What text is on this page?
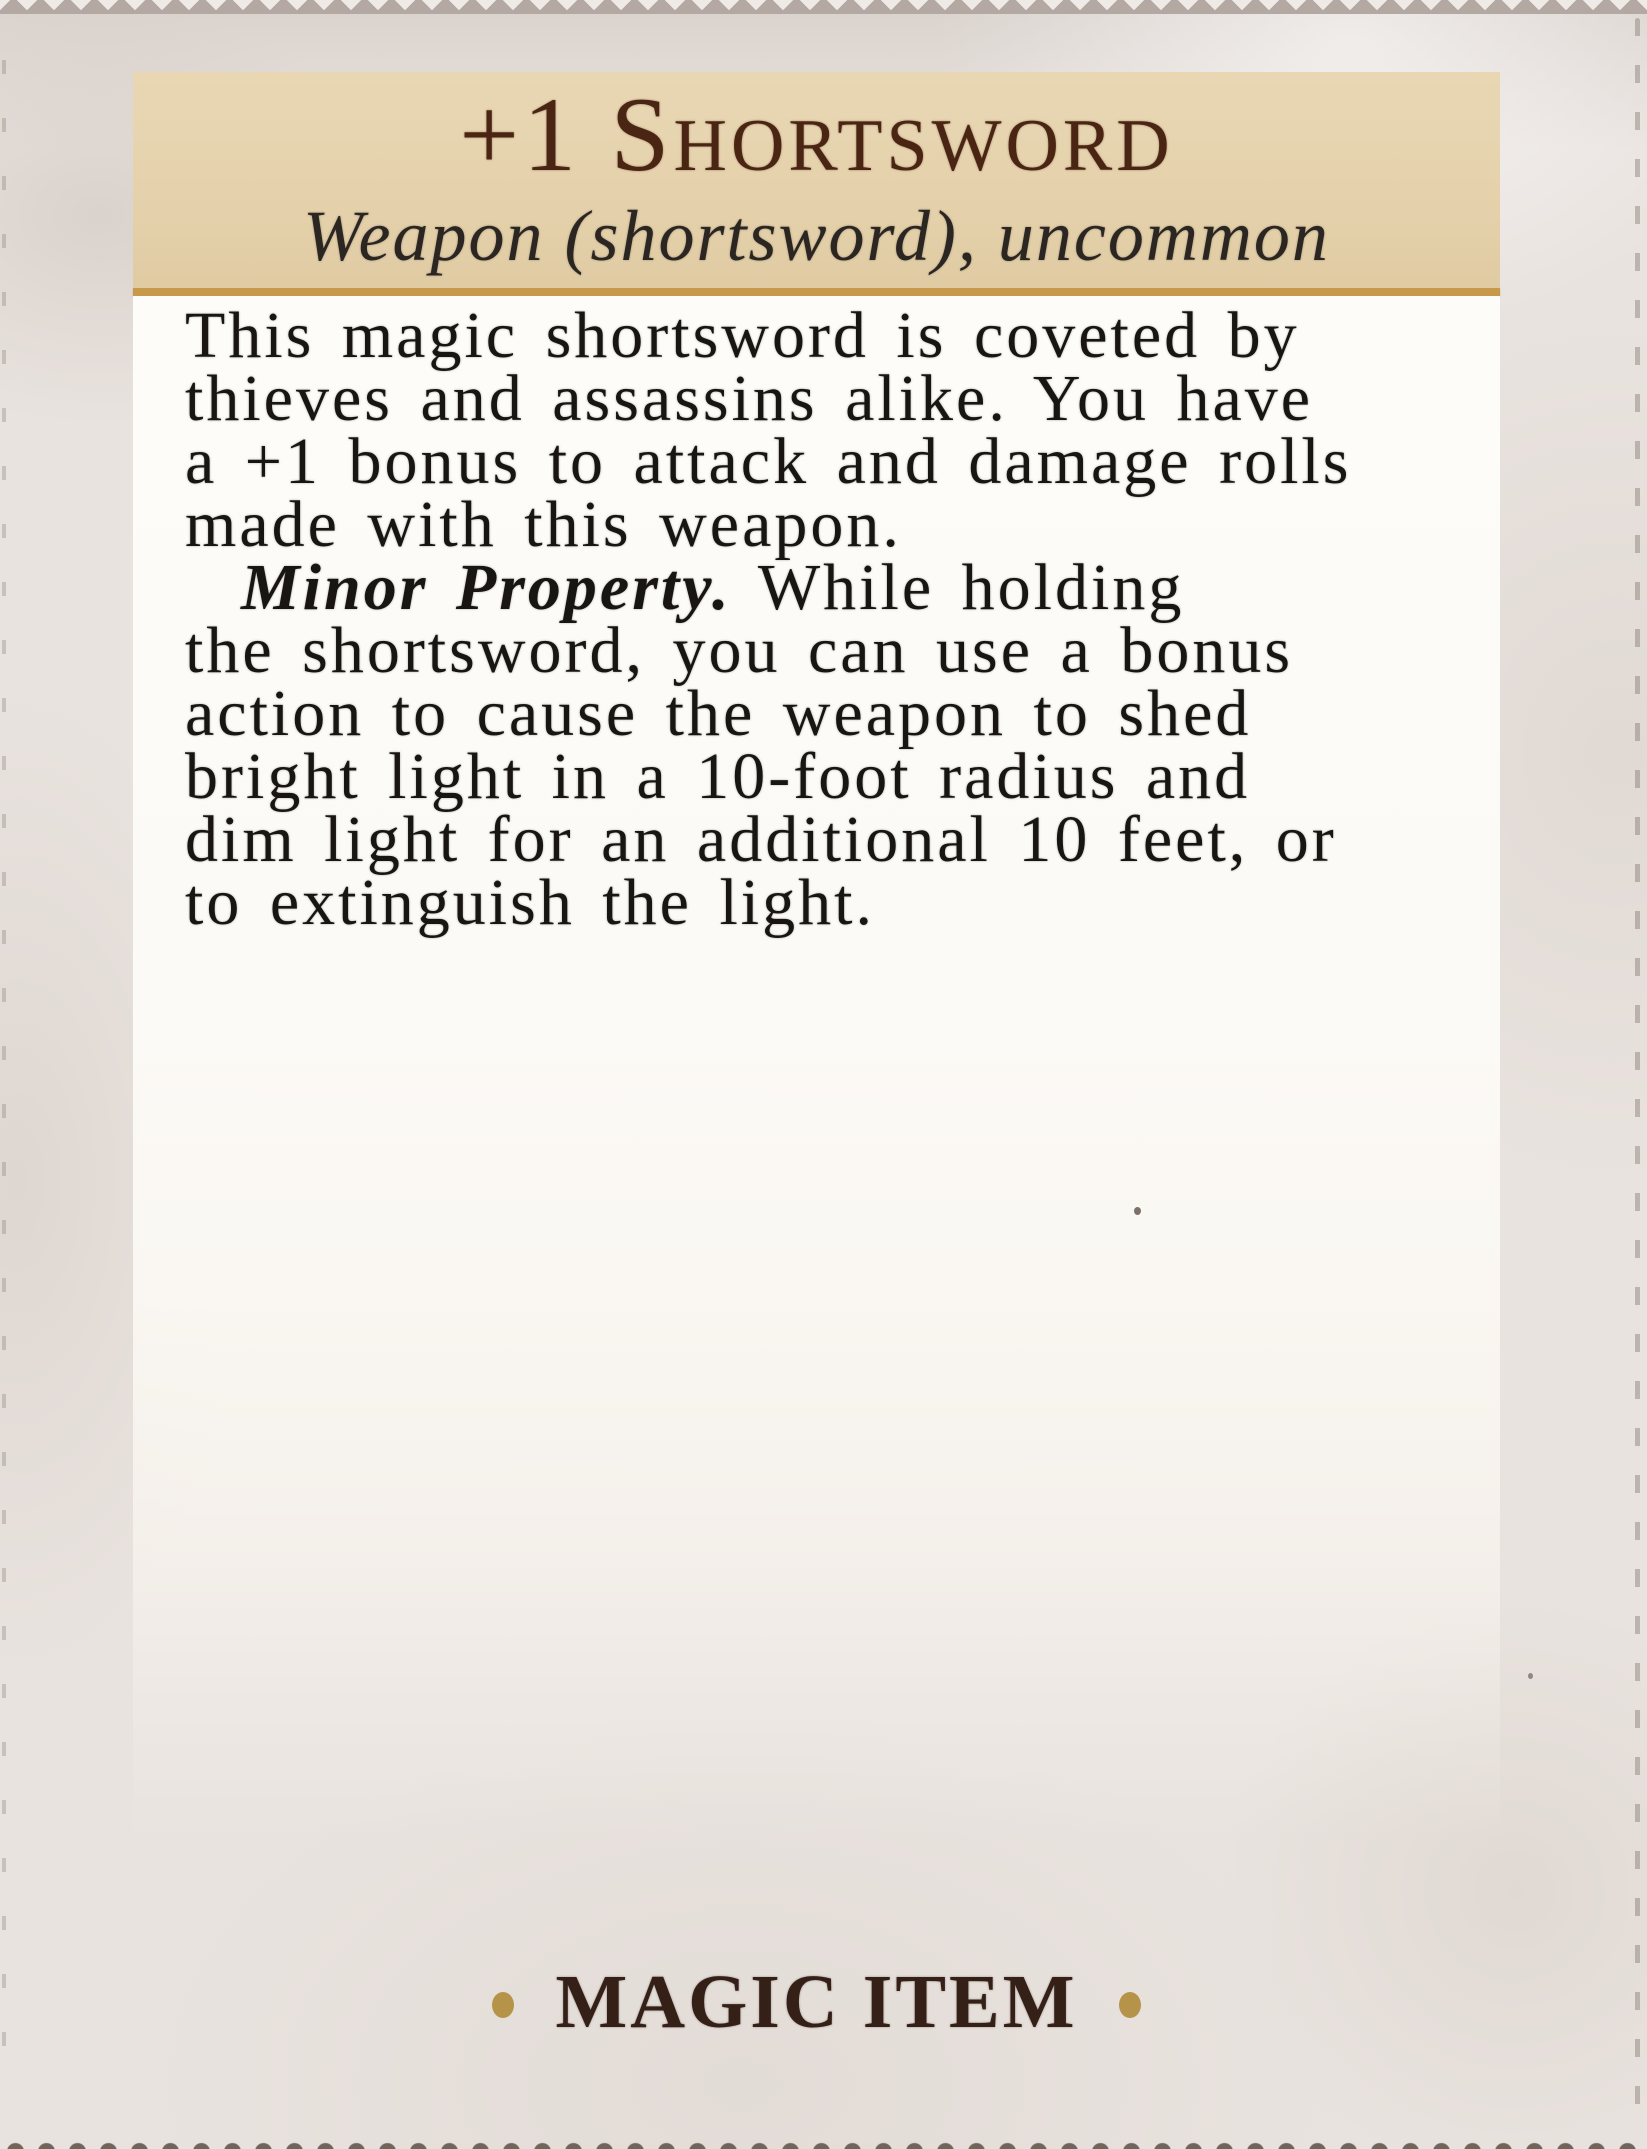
+1 Shortsword
Weapon (shortsword), uncommon
This magic shortsword is coveted by
thieves and assassins alike. You have
a +1 bonus to attack and damage rolls
made with this weapon.
Minor Property. While holding
the shortsword, you can use a bonus
action to cause the weapon to shed
bright light in a 10-foot radius and
dim light for an additional 10 feet, or
to extinguish the light.
MAGIC ITEM
